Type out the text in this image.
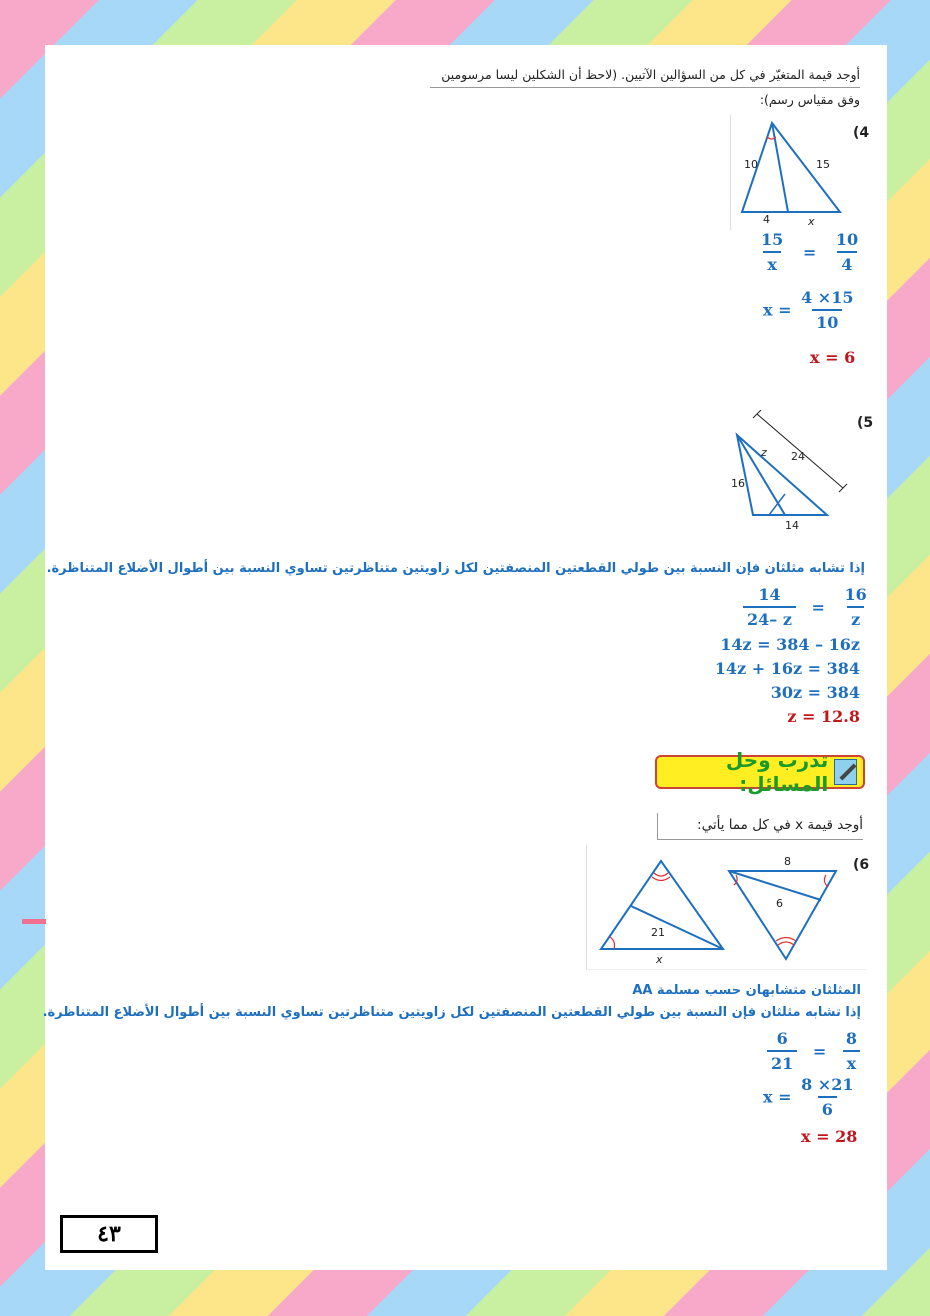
أوجد قيمة المتغيّر في كل من السؤالين الآتيين. (لاحظ أن الشكلين ليسا مرسومين
وفق مقياس رسم):
(4
10	15
4	x
$\frac{15}{x} = \frac{10}{4}$
$x = \frac{4 \times 15}{10}$
x = 6
(5
z 24
16
14
إذا تشابه مثلثان فإن النسبة بين طولي القطعتين المنصفتين لكل زاويتين متناظرتين تساوي النسبة بين أطوال الأضلاع المتناظرة.
$\frac{14}{24- z} = \frac{16}{z}$
14z = 384 – 16z
14z + 16z = 384
30z = 384
z = 12.8
تدرب وحل المسائل:
أوجد قيمة x في كل مما يأتي:
(6
21
x
8
6
المثلثان متشابهان حسب مسلمة AA
إذا تشابه مثلثان فإن النسبة بين طولي القطعتين المنصفتين لكل زاويتين متناظرتين تساوي النسبة بين أطوال الأضلاع المتناظرة.
$\frac{6}{21} = \frac{8}{x}$
$x = \frac{8 \times 21}{6}$
x = 28
٤٣
